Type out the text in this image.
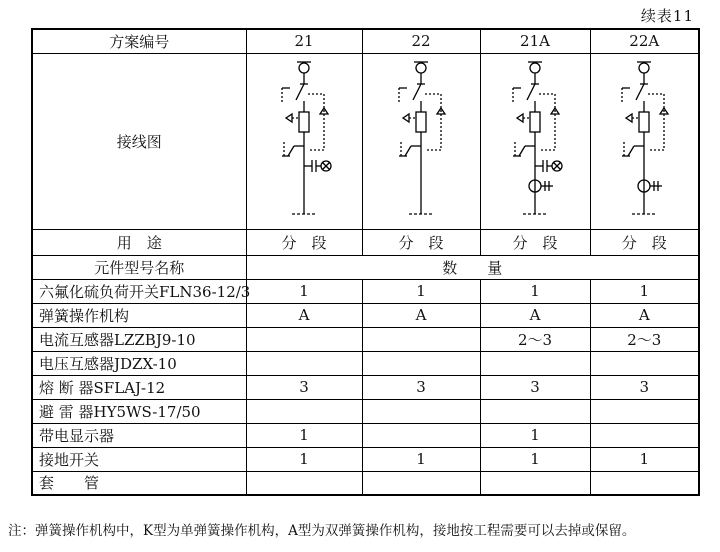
续表11
方案编号	21	22	21A	22A
接线图	

用　途	分　段	分　段	分　段	分　段
元件型号名称	数　　量			
六氟化硫负荷开关FLN36-12/3	1	1	1	1
弹簧操作机构	A	A	A	A
电流互感器LZZBJ9-10			2～3	2～3
电压互感器JDZX-10				
熔 断 器SFLAJ-12	3	3	3	3
避 雷 器HY5WS-17/50				
带电显示器	1		1	
接地开关	1	1	1	1
套　　管				
注：弹簧操作机构中，K型为单弹簧操作机构，A型为双弹簧操作机构，接地按工程需要可以去掉或保留。
